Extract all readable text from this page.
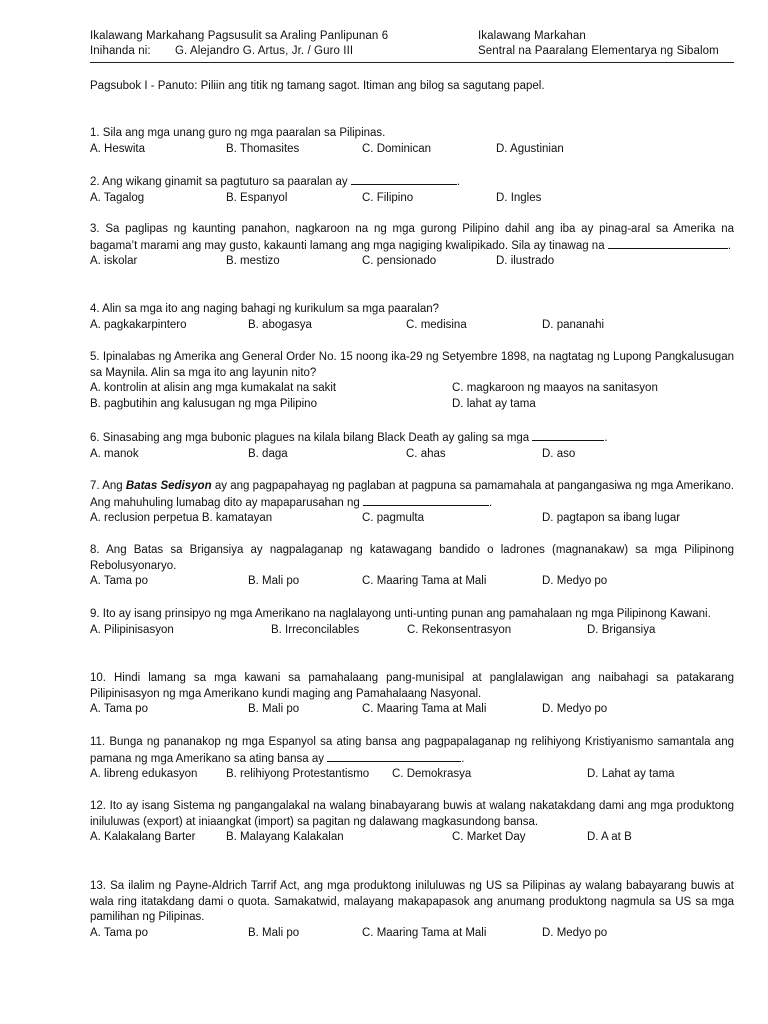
Ikalawang Markahang Pagsusulit sa Araling Panlipunan 6	Ikalawang Markahan
Inihanda ni: G. Alejandro G. Artus, Jr. / Guro III	Sentral na Paaralang Elementarya ng Sibalom
Pagsubok I - Panuto: Piliin ang titik ng tamang sagot. Itiman ang bilog sa sagutang papel.
1. Sila ang mga unang guro ng mga paaralan sa Pilipinas.
A. Heswita	B. Thomasites	C. Dominican	D. Agustinian
2. Ang wikang ginamit sa pagtuturo sa paaralan ay	.
A. Tagalog	B. Espanyol	C. Filipino	D. Ingles
3. Sa paglipas ng kaunting panahon, nagkaroon na ng mga gurong Pilipino dahil ang iba ay pinag-aral sa Amerika na bagama’t marami ang may gusto, kakaunti lamang ang mga nagiging kwalipikado. Sila ay tinawag na	.
A. iskolar	B. mestizo	C. pensionado	D. ilustrado
4. Alin sa mga ito ang naging bahagi ng kurikulum sa mga paaralan?
A. pagkakarpintero	B. abogasya	C. medisina	D. pananahi
5. Ipinalabas ng Amerika ang General Order No. 15 noong ika-29 ng Setyembre 1898, na nagtatag ng Lupong Pangkalusugan sa Maynila. Alin sa mga ito ang layunin nito?
A. kontrolin at alisin ang mga kumakalat na sakit	C. magkaroon ng maayos na sanitasyon
B. pagbutihin ang kalusugan ng mga Pilipino	D. lahat ay tama
6. Sinasabing ang mga bubonic plagues na kilala bilang Black Death ay galing sa mga	.
A. manok	B. daga	C. ahas	D. aso
7. Ang Batas Sedisyon ay ang pagpapahayag ng paglaban at pagpuna sa pamamahala at pangangasiwa ng mga Amerikano. Ang mahuhuling lumabag dito ay mapaparusahan ng	.
A. reclusion perpetua B. kamatayan	C. pagmulta	D. pagtapon sa ibang lugar
8. Ang Batas sa Brigansiya ay nagpalaganap ng katawagang bandido o ladrones (magnanakaw) sa mga Pilipinong Rebolusyonaryo.
A. Tama po	B. Mali po	C. Maaring Tama at Mali	D. Medyo po
9. Ito ay isang prinsipyo ng mga Amerikano na naglalayong unti-unting punan ang pamahalaan ng mga Pilipinong Kawani.
A. Pilipinisasyon	B. Irreconcilables	C. Rekonsentrasyon	D. Brigansiya
10. Hindi lamang sa mga kawani sa pamahalaang pang-munisipal at panglalawigan ang naibahagi sa patakarang Pilipinisasyon ng mga Amerikano kundi maging ang Pamahalaang Nasyonal.
A. Tama po	B. Mali po	C. Maaring Tama at Mali	D. Medyo po
11. Bunga ng pananakop ng mga Espanyol sa ating bansa ang pagpapalaganap ng relihiyong Kristiyanismo samantala ang pamana ng mga Amerikano sa ating bansa ay	.
A. libreng edukasyon B. relihiyong Protestantismo C. Demokrasya	D. Lahat ay tama
12. Ito ay isang Sistema ng pangangalakal na walang binabayarang buwis at walang nakatakdang dami ang mga produktong iniluluwas (export) at iniaangkat (import) sa pagitan ng dalawang magkasundong bansa.
A. Kalakalang Barter	B. Malayang Kalakalan	C. Market Day	D. A at B
13. Sa ilalim ng Payne-Aldrich Tarrif Act, ang mga produktong iniluluwas ng US sa Pilipinas ay walang babayarang buwis at wala ring itatakdang dami o quota. Samakatwid, malayang makapapasok ang anumang produktong nagmula sa US sa mga pamilihan ng Pilipinas.
A. Tama po	B. Mali po	C. Maaring Tama at Mali	D. Medyo po
